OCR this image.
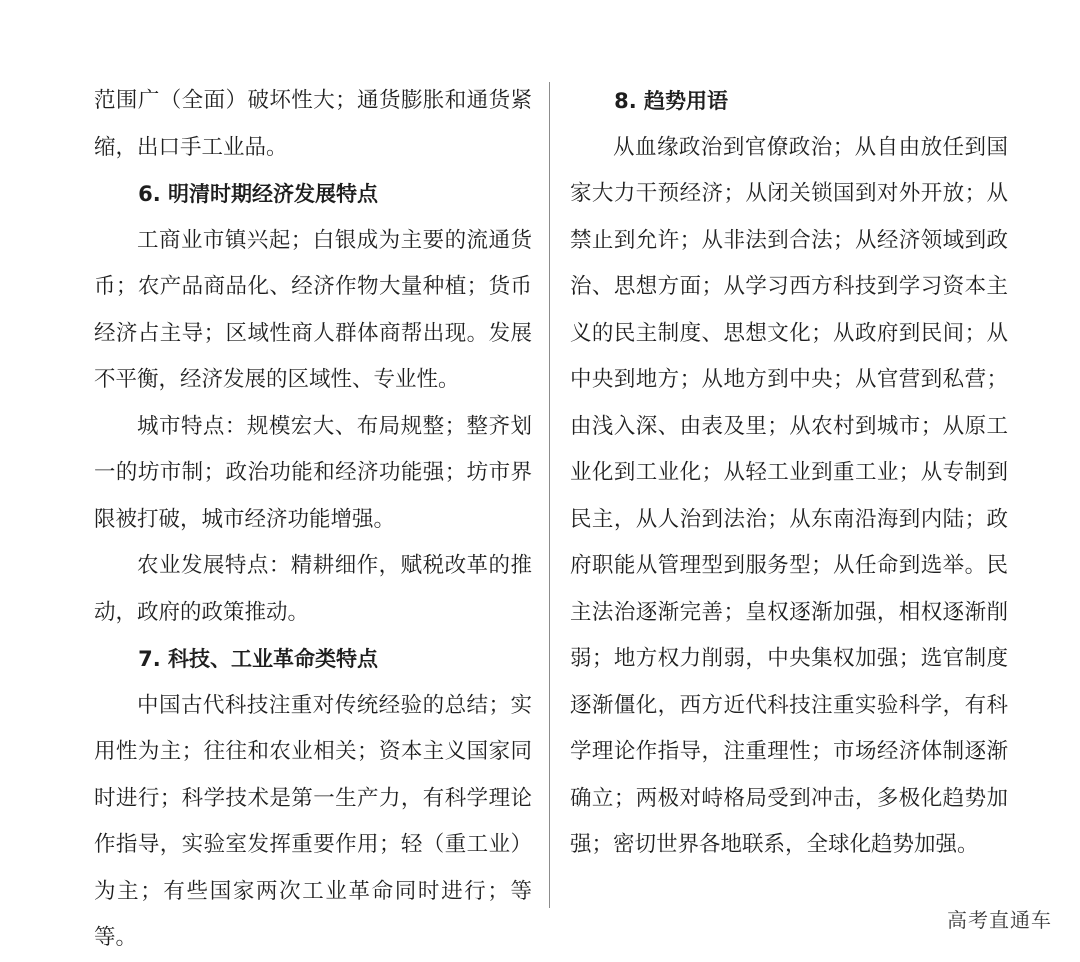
范围广（全面）破坏性大；通货膨胀和通货紧缩，出口手工业品。

6. 明清时期经济发展特点

工商业市镇兴起；白银成为主要的流通货币；农产品商品化、经济作物大量种植；货币经济占主导；区域性商人群体商帮出现。发展不平衡，经济发展的区域性、专业性。

城市特点：规模宏大、布局规整；整齐划一的坊市制；政治功能和经济功能强；坊市界限被打破，城市经济功能增强。

农业发展特点：精耕细作，赋税改革的推动，政府的政策推动。

7. 科技、工业革命类特点

中国古代科技注重对传统经验的总结；实用性为主；往往和农业相关；资本主义国家同时进行；科学技术是第一生产力，有科学理论作指导，实验室发挥重要作用；轻（重工业）为主；有些国家两次工业革命同时进行；等等。

8. 趋势用语

从血缘政治到官僚政治；从自由放任到国家大力干预经济；从闭关锁国到对外开放；从禁止到允许；从非法到合法；从经济领域到政治、思想方面；从学习西方科技到学习资本主义的民主制度、思想文化；从政府到民间；从中央到地方；从地方到中央；从官营到私营；由浅入深、由表及里；从农村到城市；从原工业化到工业化；从轻工业到重工业；从专制到民主，从人治到法治；从东南沿海到内陆；政府职能从管理型到服务型；从任命到选举。民主法治逐渐完善；皇权逐渐加强，相权逐渐削弱；地方权力削弱，中央集权加强；选官制度逐渐僵化，西方近代科技注重实验科学，有科学理论作指导，注重理性；市场经济体制逐渐确立；两极对峙格局受到冲击，多极化趋势加强；密切世界各地联系，全球化趋势加强。

高考直通车
